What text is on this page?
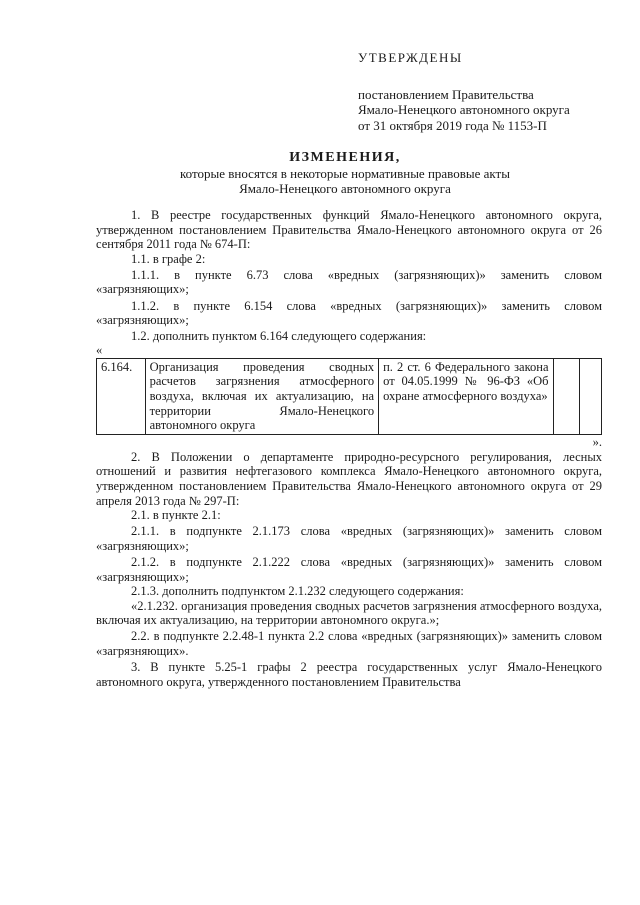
УТВЕРЖДЕНЫ
постановлением Правительства
Ямало-Ненецкого автономного округа
от 31 октября 2019 года № 1153-П
ИЗМЕНЕНИЯ,
которые вносятся в некоторые нормативные правовые акты
Ямало-Ненецкого автономного округа

1. В реестре государственных функций Ямало-Ненецкого автономного округа, утвержденном постановлением Правительства Ямало-Ненецкого автономного округа от 26 сентября 2011 года № 674-П:

1.1. в графе 2:

1.1.1. в пункте 6.73 слова «вредных (загрязняющих)» заменить словом «загрязняющих»;

1.1.2. в пункте 6.154 слова «вредных (загрязняющих)» заменить словом «загрязняющих»;

1.2. дополнить пунктом 6.164 следующего содержания:

«
6.164.	Организация проведения сводных расчетов загрязнения атмосферного воздуха, включая их актуализацию, на территории Ямало-Ненецкого автономного округа	п. 2 ст. 6 Федерального закона от 04.05.1999 № 96-ФЗ «Об охране атмосферного воздуха»		
».

2. В Положении о департаменте природно-ресурсного регулирования, лесных отношений и развития нефтегазового комплекса Ямало-Ненецкого автономного округа, утвержденном постановлением Правительства Ямало-Ненецкого автономного округа от 29 апреля 2013 года № 297-П:

2.1. в пункте 2.1:

2.1.1. в подпункте 2.1.173 слова «вредных (загрязняющих)» заменить словом «загрязняющих»;

2.1.2. в подпункте 2.1.222 слова «вредных (загрязняющих)» заменить словом «загрязняющих»;

2.1.3. дополнить подпунктом 2.1.232 следующего содержания:

«2.1.232. организация проведения сводных расчетов загрязнения атмосферного воздуха, включая их актуализацию, на территории автономного округа.»;

2.2. в подпункте 2.2.48-1 пункта 2.2 слова «вредных (загрязняющих)» заменить словом «загрязняющих».

3. В пункте 5.25-1 графы 2 реестра государственных услуг Ямало-Ненецкого автономного округа, утвержденного постановлением Правительства
